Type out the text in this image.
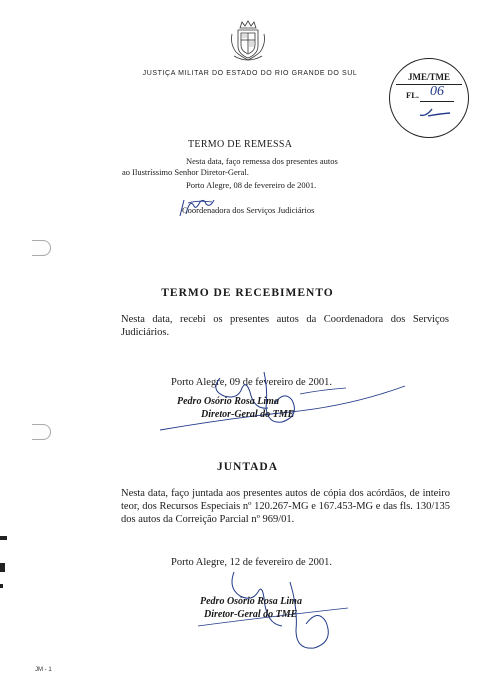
JUSTIÇA MILITAR DO ESTADO DO RIO GRANDE DO SUL	JME/TME
FL. 06
TERMO DE REMESSA
Nesta data, faço remessa dos presentes autos
ao Ilustríssimo Senhor Diretor-Geral.
Porto Alegre, 08 de fevereiro de 2001.
Coordenadora dos Serviços Judiciários
TERMO DE RECEBIMENTO
Nesta data, recebi os presentes autos da Coordenadora dos Serviços Judiciários.
Porto Alegre, 09 de fevereiro de 2001.
Pedro Osório Rosa Lima
Diretor-Geral do TME
JUNTADA
Nesta data, faço juntada aos presentes autos de cópia dos acórdãos, de inteiro teor, dos Recursos Especiais nº 120.267-MG e 167.453-MG e das fls. 130/135 dos autos da Correição Parcial nº 969/01.
Porto Alegre, 12 de fevereiro de 2001.
Pedro Osório Rosa Lima
Diretor-Geral do TME
JM - 1
